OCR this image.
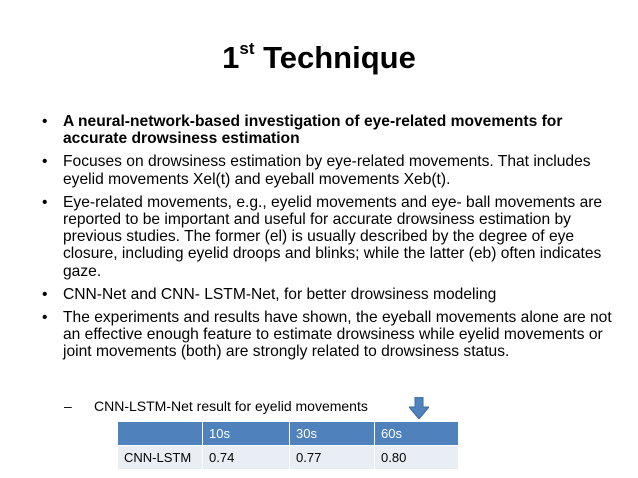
1st Technique
• A neural-network-based investigation of eye-related movements for accurate drowsiness estimation
• Focuses on drowsiness estimation by eye-related movements. That includes eyelid movements Xel(t) and eyeball movements Xeb(t).
• Eye-related movements, e.g., eyelid movements and eye- ball movements are reported to be important and useful for accurate drowsiness estimation by previous studies. The former (el) is usually described by the degree of eye closure, including eyelid droops and blinks; while the latter (eb) often indicates gaze.
• CNN-Net and CNN- LSTM-Net, for better drowsiness modeling
• The experiments and results have shown, the eyeball movements alone are not an effective enough feature to estimate drowsiness while eyelid movements or joint movements (both) are strongly related to drowsiness status.
– CNN-LSTM-Net result for eyelid movements
	10s	30s	60s
CNN-LSTM	0.74	0.77	0.80
